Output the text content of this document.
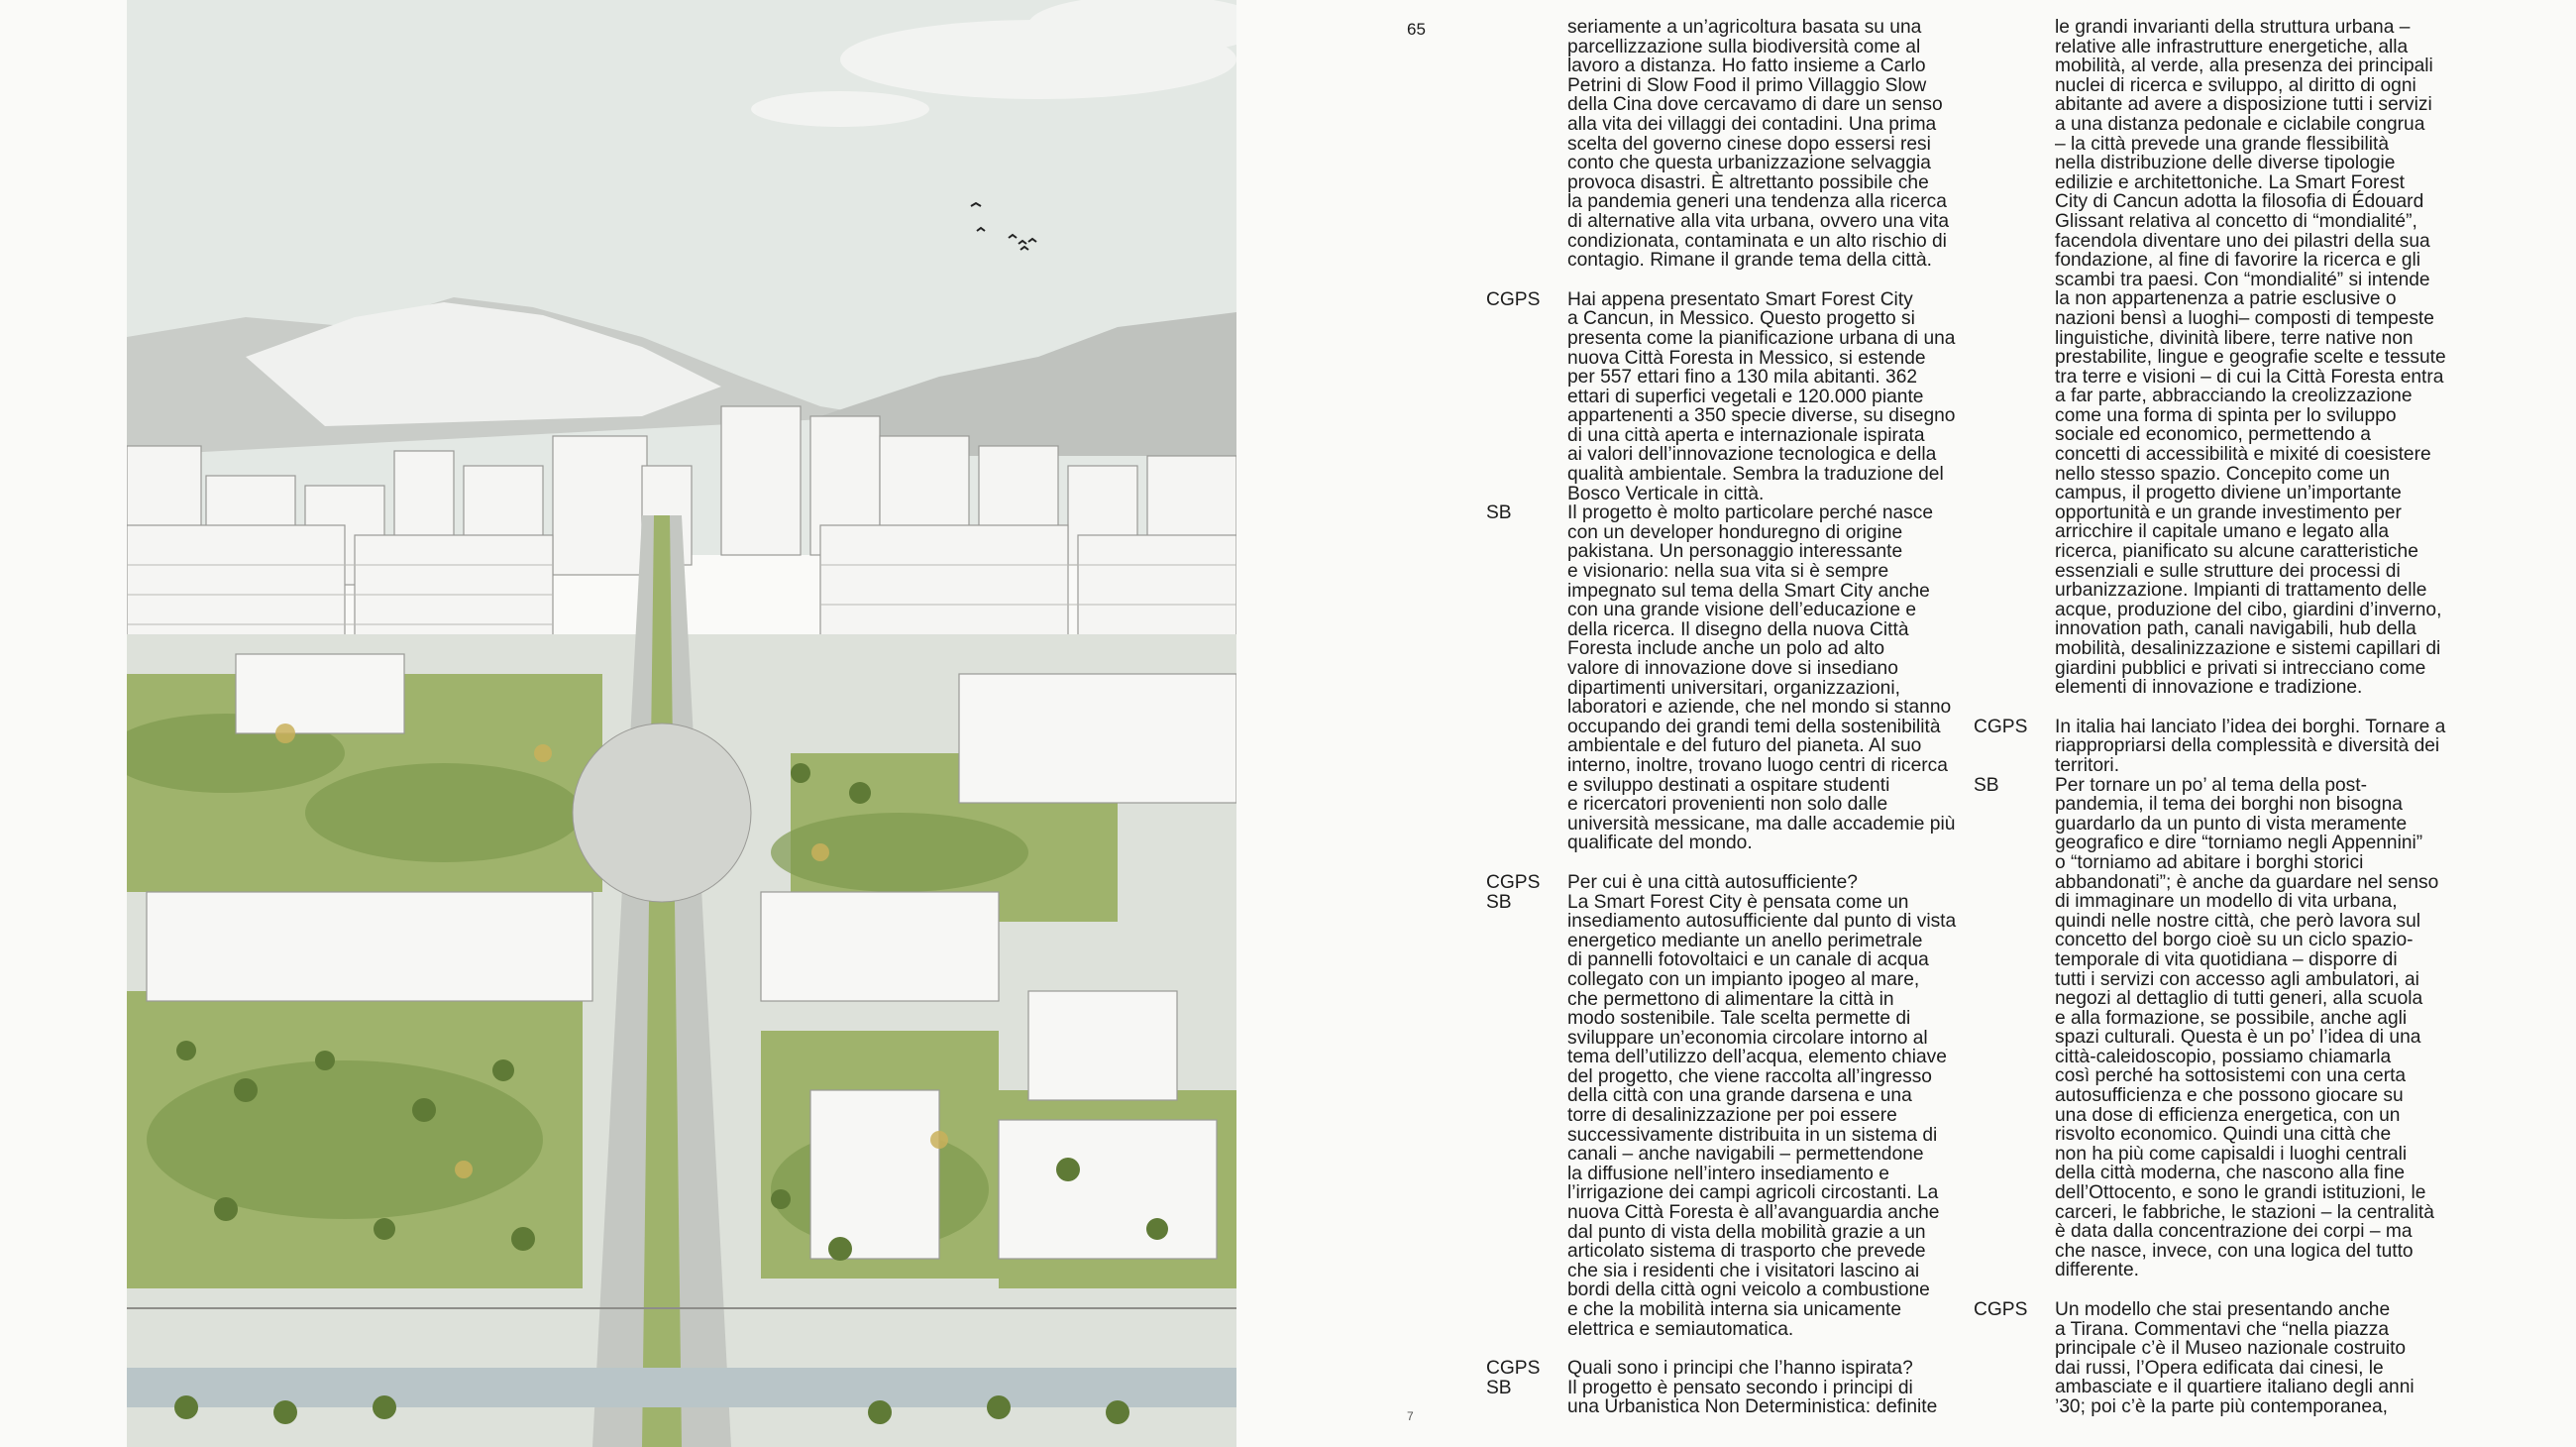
65
7
seriamente a un’agricoltura basata su una
parcellizzazione sulla biodiversità come al
lavoro a distanza. Ho fatto insieme a Carlo
Petrini di Slow Food il primo Villaggio Slow
della Cina dove cercavamo di dare un senso
alla vita dei villaggi dei contadini. Una prima
scelta del governo cinese dopo essersi resi
conto che questa urbanizzazione selvaggia
provoca disastri. È altrettanto possibile che
la pandemia generi una tendenza alla ricerca
di alternative alla vita urbana, ovvero una vita
condizionata, contaminata e un alto rischio di
contagio. Rimane il grande tema della città.
CGPS	Hai appena presentato Smart Forest City
a Cancun, in Messico. Questo progetto si
presenta come la pianificazione urbana di una
nuova Città Foresta in Messico, si estende
per 557 ettari fino a 130 mila abitanti. 362
ettari di superfici vegetali e 120.000 piante
appartenenti a 350 specie diverse, su disegno
di una città aperta e internazionale ispirata
ai valori dell’innovazione tecnologica e della
qualità ambientale. Sembra la traduzione del
Bosco Verticale in città.
SB	Il progetto è molto particolare perché nasce
con un developer honduregno di origine
pakistana. Un personaggio interessante
e visionario: nella sua vita si è sempre
impegnato sul tema della Smart City anche
con una grande visione dell’educazione e
della ricerca. Il disegno della nuova Città
Foresta include anche un polo ad alto
valore di innovazione dove si insediano
dipartimenti universitari, organizzazioni,
laboratori e aziende, che nel mondo si stanno
occupando dei grandi temi della sostenibilità
ambientale e del futuro del pianeta. Al suo
interno, inoltre, trovano luogo centri di ricerca
e sviluppo destinati a ospitare studenti
e ricercatori provenienti non solo dalle
università messicane, ma dalle accademie più
qualificate del mondo.
CGPS
SB
Per cui è una città autosufficiente?
La Smart Forest City è pensata come un
insediamento autosufficiente dal punto di vista
energetico mediante un anello perimetrale
di pannelli fotovoltaici e un canale di acqua
collegato con un impianto ipogeo al mare,
che permettono di alimentare la città in
modo sostenibile. Tale scelta permette di
sviluppare un’economia circolare intorno al
tema dell’utilizzo dell’acqua, elemento chiave
del progetto, che viene raccolta all’ingresso
della città con una grande darsena e una
torre di desalinizzazione per poi essere
successivamente distribuita in un sistema di
canali – anche navigabili – permettendone
la diffusione nell’intero insediamento e
l’irrigazione dei campi agricoli circostanti. La
nuova Città Foresta è all’avanguardia anche
dal punto di vista della mobilità grazie a un
articolato sistema di trasporto che prevede
che sia i residenti che i visitatori lascino ai
bordi della città ogni veicolo a combustione
e che la mobilità interna sia unicamente
elettrica e semiautomatica.
CGPS
SB
Quali sono i principi che l’hanno ispirata?
Il progetto è pensato secondo i principi di
una Urbanistica Non Deterministica: definite
le grandi invarianti della struttura urbana –
relative alle infrastrutture energetiche, alla
mobilità, al verde, alla presenza dei principali
nuclei di ricerca e sviluppo, al diritto di ogni
abitante ad avere a disposizione tutti i servizi
a una distanza pedonale e ciclabile congrua
– la città prevede una grande flessibilità
nella distribuzione delle diverse tipologie
edilizie e architettoniche. La Smart Forest
City di Cancun adotta la filosofia di Édouard
Glissant relativa al concetto di “mondialité”,
facendola diventare uno dei pilastri della sua
fondazione, al fine di favorire la ricerca e gli
scambi tra paesi. Con “mondialité” si intende
la non appartenenza a patrie esclusive o
nazioni bensì a luoghi– composti di tempeste
linguistiche, divinità libere, terre native non
prestabilite, lingue e geografie scelte e tessute
tra terre e visioni – di cui la Città Foresta entra
a far parte, abbracciando la creolizzazione
come una forma di spinta per lo sviluppo
sociale ed economico, permettendo a
concetti di accessibilità e mixité di coesistere
nello stesso spazio. Concepito come un
campus, il progetto diviene un’importante
opportunità e un grande investimento per
arricchire il capitale umano e legato alla
ricerca, pianificato su alcune caratteristiche
essenziali e sulle strutture dei processi di
urbanizzazione. Impianti di trattamento delle
acque, produzione del cibo, giardini d’inverno,
innovation path, canali navigabili, hub della
mobilità, desalinizzazione e sistemi capillari di
giardini pubblici e privati si intrecciano come
elementi di innovazione e tradizione.
CGPS	In italia hai lanciato l’idea dei borghi. Tornare a
riappropriarsi della complessità e diversità dei
territori.
SB	Per tornare un po’ al tema della post-
pandemia, il tema dei borghi non bisogna
guardarlo da un punto di vista meramente
geografico e dire “torniamo negli Appennini”
o “torniamo ad abitare i borghi storici
abbandonati”; è anche da guardare nel senso
di immaginare un modello di vita urbana,
quindi nelle nostre città, che però lavora sul
concetto del borgo cioè su un ciclo spazio-
temporale di vita quotidiana – disporre di
tutti i servizi con accesso agli ambulatori, ai
negozi al dettaglio di tutti generi, alla scuola
e alla formazione, se possibile, anche agli
spazi culturali. Questa è un po’ l’idea di una
città-caleidoscopio, possiamo chiamarla
così perché ha sottosistemi con una certa
autosufficienza e che possono giocare su
una dose di efficienza energetica, con un
risvolto economico. Quindi una città che
non ha più come capisaldi i luoghi centrali
della città moderna, che nascono alla fine
dell’Ottocento, e sono le grandi istituzioni, le
carceri, le fabbriche, le stazioni – la centralità
è data dalla concentrazione dei corpi – ma
che nasce, invece, con una logica del tutto
differente.
CGPS	Un modello che stai presentando anche
a Tirana. Commentavi che “nella piazza
principale c’è il Museo nazionale costruito
dai russi, l’Opera edificata dai cinesi, le
ambasciate e il quartiere italiano degli anni
’30; poi c’è la parte più contemporanea,
